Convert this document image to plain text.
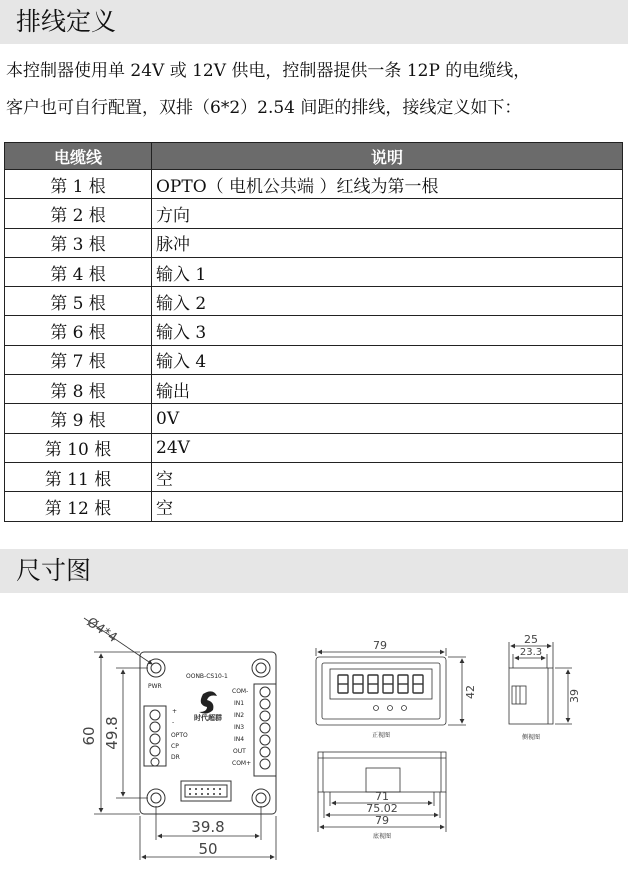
排线定义
本控制器使用单 24V 或 12V 供电，控制器提供一条 12P 的电缆线，
客户也可自行配置，双排（6*2）2.54 间距的排线，接线定义如下：
电缆线	说明
第 1 根	OPTO（ 电机公共端 ）红线为第一根
第 2 根	方向
第 3 根	脉冲
第 4 根	输入 1
第 5 根	输入 2
第 6 根	输入 3
第 7 根	输入 4
第 8 根	输出
第 9 根	0V
第 10 根	24V
第 11 根	空
第 12 根	空
尺寸图
时代超群
OONB-CS10-1
PWR
+
-
OPTO
CP
DR
COM-
IN1
IN2
IN3
IN4
OUT
COM+
Ø4*4
60 49.8
39.8
50
79
42
正视图
25
23.3
39
侧视图
71
75.02
79
底视图
